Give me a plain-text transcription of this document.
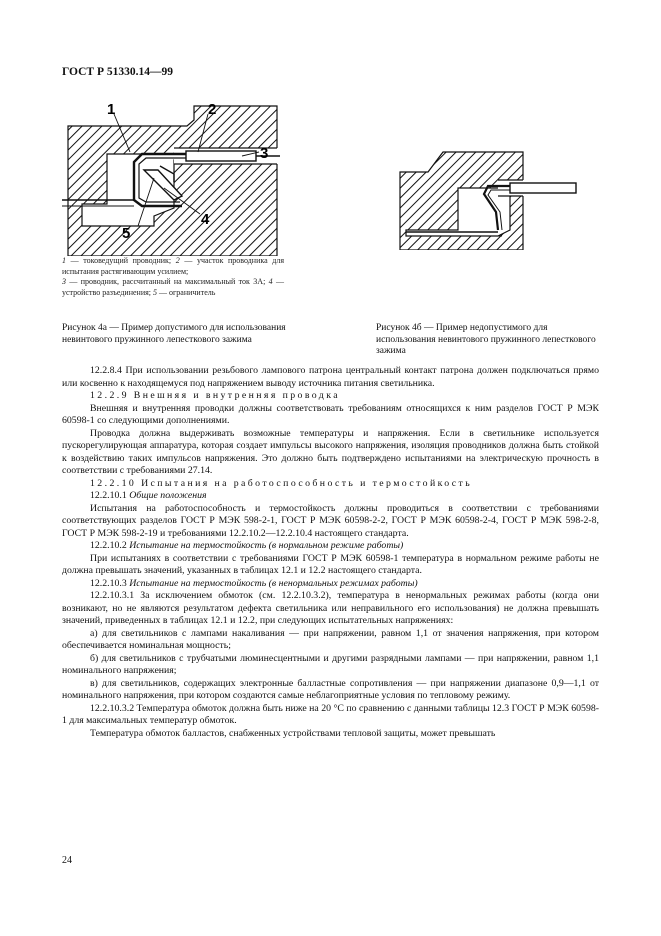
ГОСТ Р 51330.14—99
1	2
3
4
5
1 — токоведущий проводник; 2 — участок проводника для испытания растягивающим усилием;
3 — проводник, рассчитанный на максимальный ток 3А; 4 — устройство разъединения; 5 — ограничитель
Рисунок 4а — Пример допустимого для использования невинтового пружинного лепесткового зажима
Рисунок 4б — Пример недопустимого для использования невинтового пружинного лепесткового зажима

12.2.8.4 При использовании резьбового лампового патрона центральный контакт патрона должен подключаться прямо или косвенно к находящемуся под напряжением выводу источника питания светильника.

12.2.9 Внешняя и внутренняя проводка

Внешняя и внутренняя проводки должны соответствовать требованиям относящихся к ним разделов ГОСТ Р МЭК 60598-1 со следующими дополнениями.

Проводка должна выдерживать возможные температуры и напряжения. Если в светильнике используется пускорегулирующая аппаратура, которая создает импульсы высокого напряжения, изоляция проводников должна быть стойкой к воздействию таких импульсов напряжения. Это должно быть подтверждено испытаниями на электрическую прочность в соответствии с требованиями 27.14.

12.2.10 Испытания на работоспособность и термостойкость

12.2.10.1 Общие положения

Испытания на работоспособность и термостойкость должны проводиться в соответствии с требованиями соответствующих разделов ГОСТ Р МЭК 598-2-1, ГОСТ Р МЭК 60598-2-2, ГОСТ Р МЭК 60598-2-4, ГОСТ Р МЭК 598-2-8, ГОСТ Р МЭК 598-2-19 и требованиями 12.2.10.2—12.2.10.4 настоящего стандарта.

12.2.10.2 Испытание на термостойкость (в нормальном режиме работы)

При испытаниях в соответствии с требованиями ГОСТ Р МЭК 60598-1 температура в нормальном режиме работы не должна превышать значений, указанных в таблицах 12.1 и 12.2 настоящего стандарта.

12.2.10.3 Испытание на термостойкость (в ненормальных режимах работы)

12.2.10.3.1 За исключением обмоток (см. 12.2.10.3.2), температура в ненормальных режимах работы (когда они возникают, но не являются результатом дефекта светильника или неправильного его использования) не должна превышать значений, приведенных в таблицах 12.1 и 12.2, при следующих испытательных напряжениях:

а) для светильников с лампами накаливания — при напряжении, равном 1,1 от значения напряжения, при котором обеспечивается номинальная мощность;

б) для светильников с трубчатыми люминесцентными и другими разрядными лампами — при напряжении, равном 1,1 номинального напряжения;

в) для светильников, содержащих электронные балластные сопротивления — при напряжении диапазоне 0,9—1,1 от номинального напряжения, при котором создаются самые неблагоприятные условия по тепловому режиму.

12.2.10.3.2 Температура обмоток должна быть ниже на 20 °С по сравнению с данными таблицы 12.3 ГОСТ Р МЭК 60598-1 для максимальных температур обмоток.

Температура обмоток балластов, снабженных устройствами тепловой защиты, может превышать

24
